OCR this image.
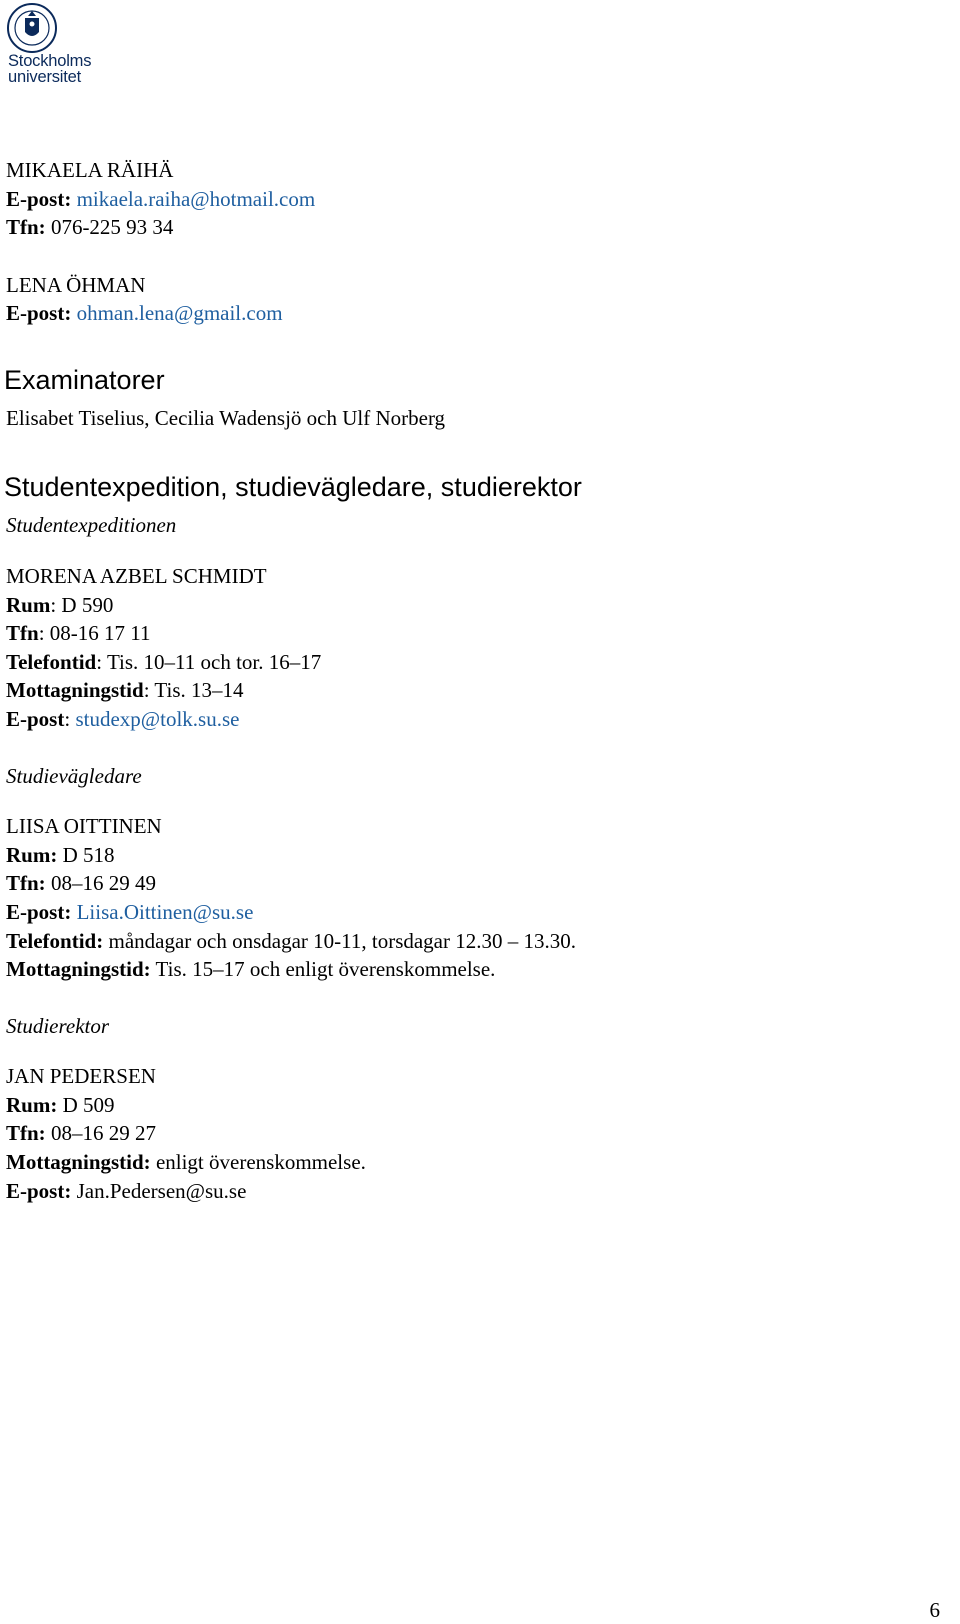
Stockholms
universitet
MIKAELA RÄIHÄ
E-post: mikaela.raiha@hotmail.com
Tfn: 076-225 93 34
LENA ÖHMAN
E-post: ohman.lena@gmail.com
Examinatorer
Elisabet Tiselius, Cecilia Wadensjö och Ulf Norberg
Studentexpedition, studievägledare, studierektor
Studentexpeditionen
MORENA AZBEL SCHMIDT
Rum: D 590
Tfn: 08-16 17 11
Telefontid: Tis. 10–11 och tor. 16–17
Mottagningstid: Tis. 13–14
E-post: studexp@tolk.su.se
Studievägledare
LIISA OITTINEN
Rum: D 518
Tfn: 08–16 29 49
E-post: Liisa.Oittinen@su.se
Telefontid: måndagar och onsdagar 10-11, torsdagar 12.30 – 13.30.
Mottagningstid: Tis. 15–17 och enligt överenskommelse.
Studierektor
JAN PEDERSEN
Rum: D 509
Tfn: 08–16 29 27
Mottagningstid: enligt överenskommelse.
E-post: Jan.Pedersen@su.se
6
